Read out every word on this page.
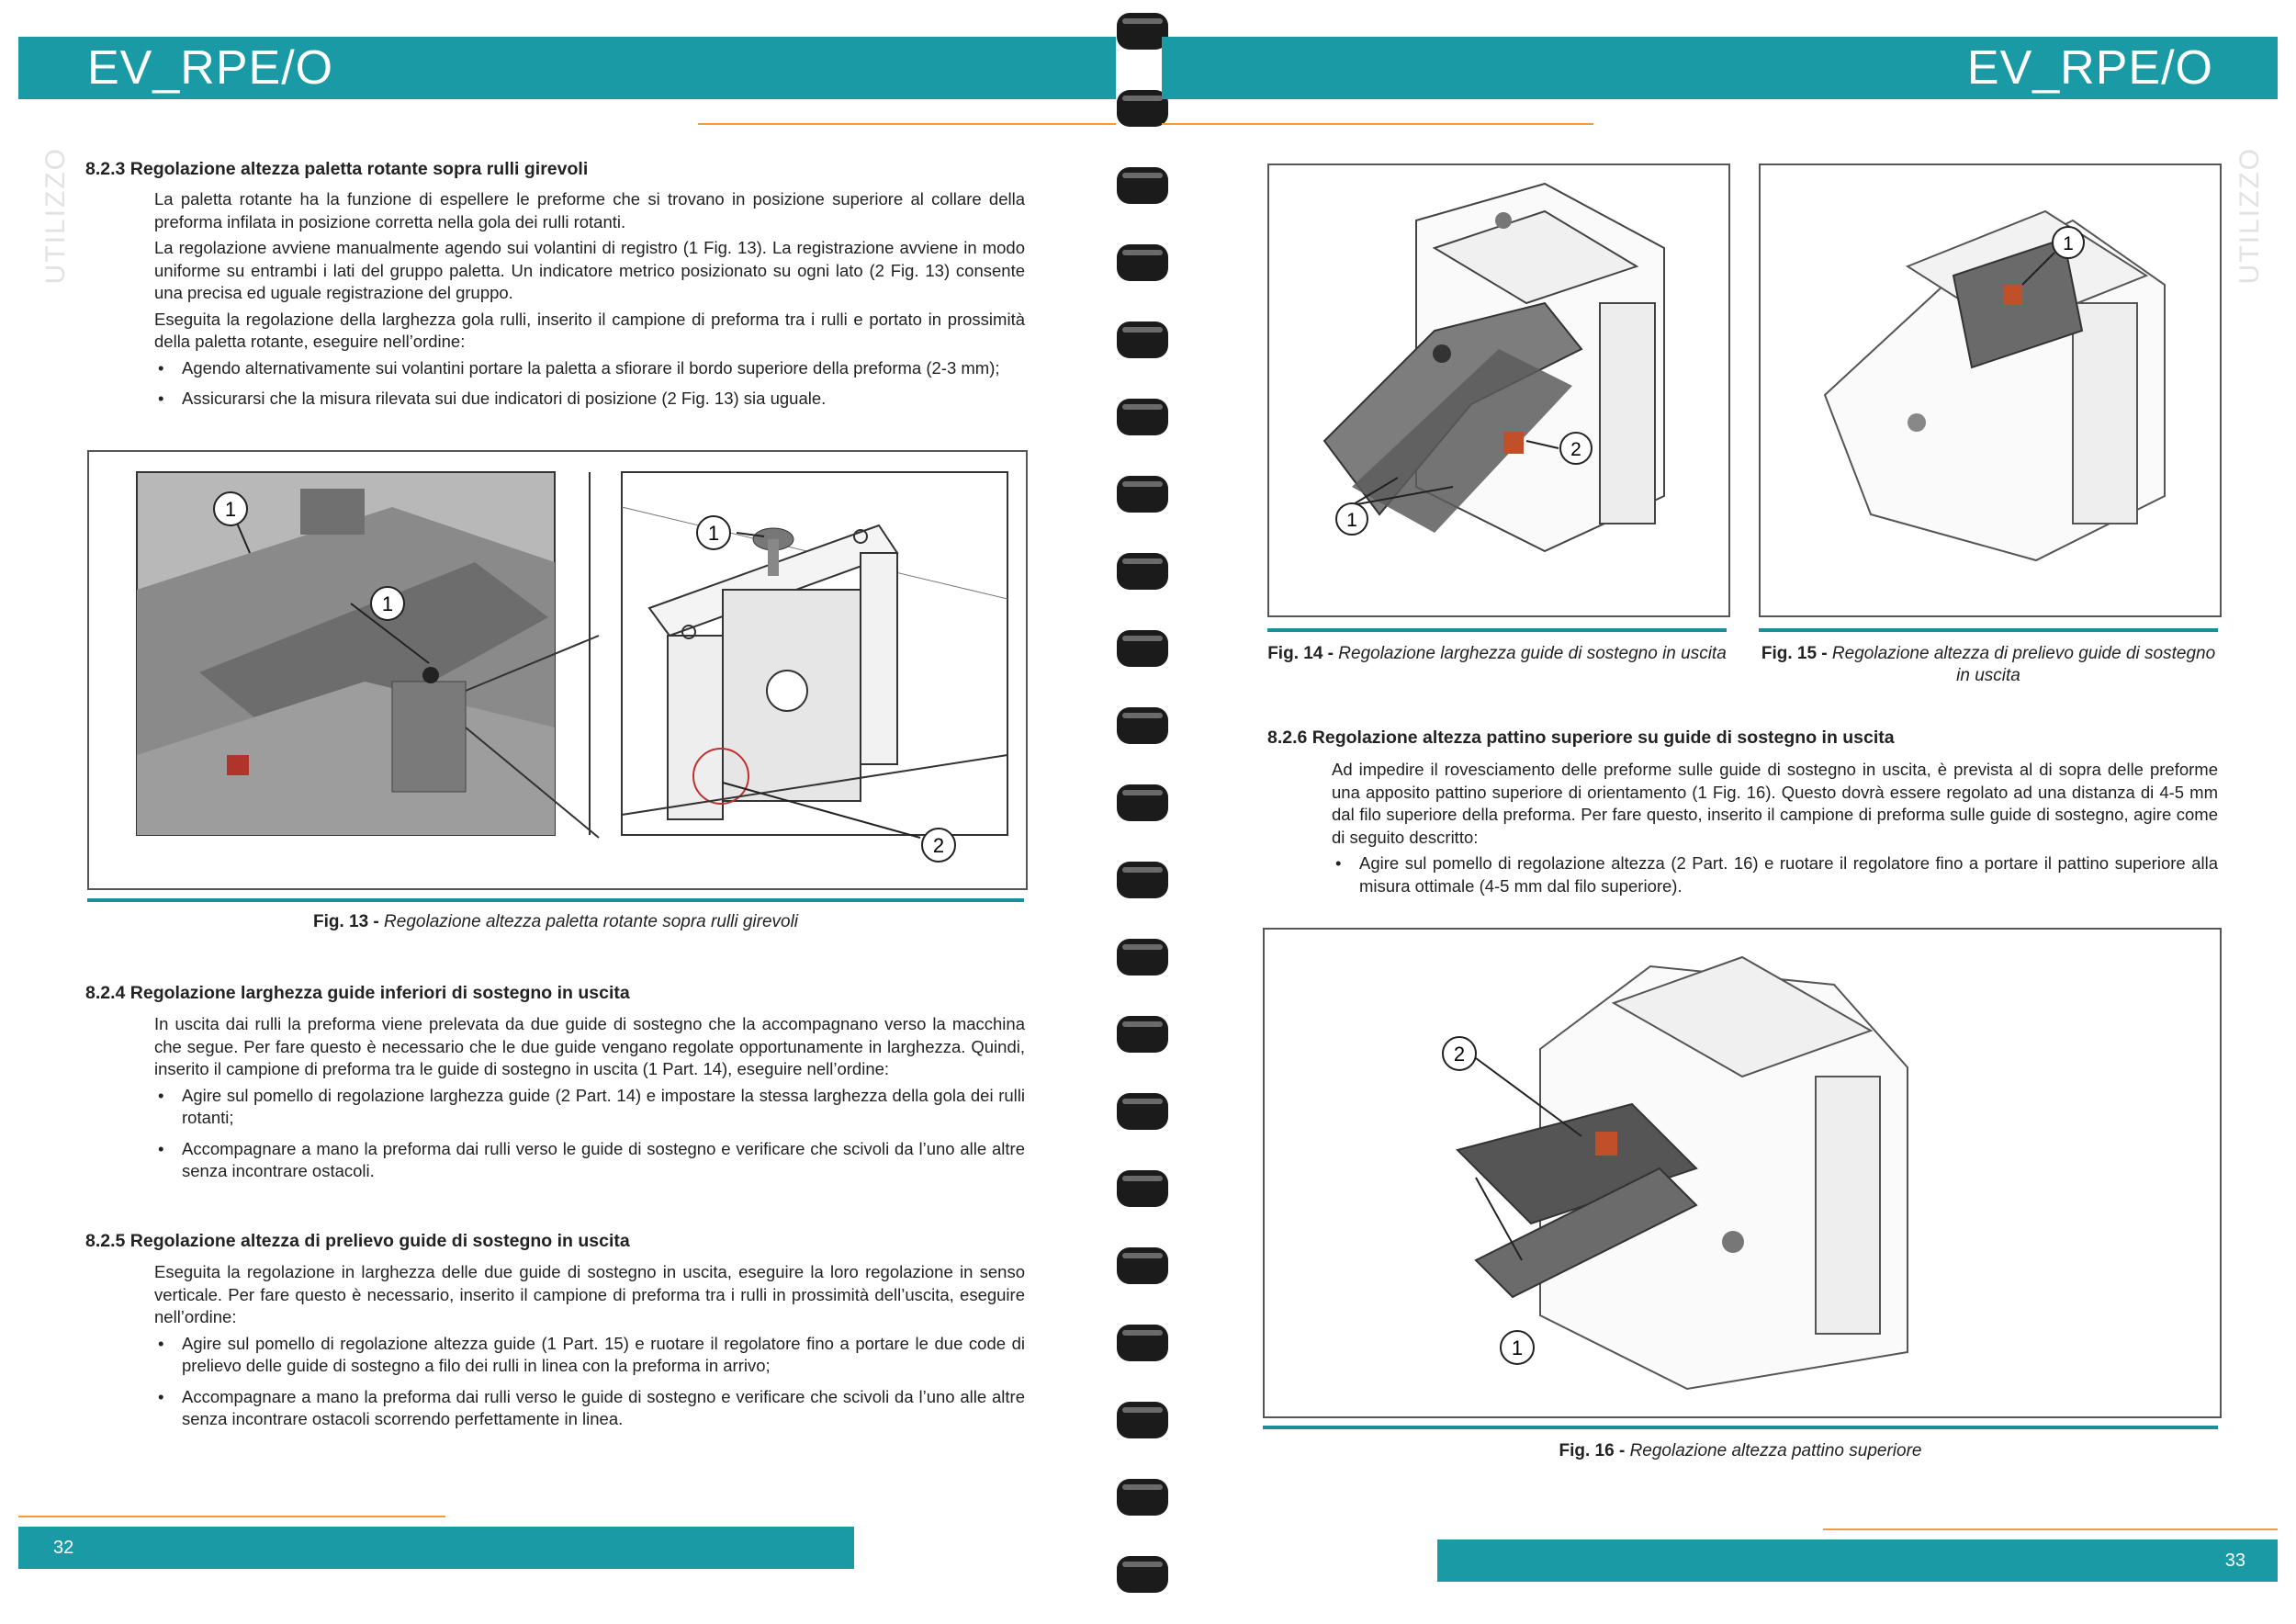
EV_RPE/O
UTILIZZO 8.2.3 Regolazione altezza paletta rotante sopra rulli girevoli

La paletta rotante ha la funzione di espellere le preforme che si trovano in posizione superiore al collare della preforma infilata in posizione corretta nella gola dei rulli rotanti.

La regolazione avviene manualmente agendo sui volantini di registro (1 Fig. 13). La registrazione avviene in modo uniforme su entrambi i lati del gruppo paletta. Un indicatore metrico posizionato su ogni lato (2 Fig. 13) consente una precisa ed uguale registrazione del gruppo.

Eseguita la regolazione della larghezza gola rulli, inserito il campione di preforma tra i rulli e portato in prossimità della paletta rotante, eseguire nell’ordine:

• Agendo alternativamente sui volantini portare la paletta a sfiorare il bordo superiore della preforma (2-3 mm);
• Assicurarsi che la misura rilevata sui due indicatori di posizione (2 Fig. 13) sia uguale.
1
1
1
2
Fig. 13 - Regolazione altezza paletta rotante sopra rulli girevoli
8.2.4 Regolazione larghezza guide inferiori di sostegno in uscita

In uscita dai rulli la preforma viene prelevata da due guide di sostegno che la accompagnano verso la macchina che segue. Per fare questo è necessario che le due guide vengano regolate opportunamente in larghezza. Quindi, inserito il campione di preforma tra le guide di sostegno in uscita (1 Part. 14), eseguire nell’ordine:

• Agire sul pomello di regolazione larghezza guide (2 Part. 14) e impostare la stessa larghezza della gola dei rulli rotanti;
• Accompagnare a mano la preforma dai rulli verso le guide di sostegno e verificare che scivoli da l’uno alle altre senza incontrare ostacoli.
8.2.5 Regolazione altezza di prelievo guide di sostegno in uscita

Eseguita la regolazione in larghezza delle due guide di sostegno in uscita, eseguire la loro regolazione in senso verticale. Per fare questo è necessario, inserito il campione di preforma tra i rulli in prossimità dell’uscita, eseguire nell’ordine:

• Agire sul pomello di regolazione altezza guide (1 Part. 15) e ruotare il regolatore fino a portare le due code di prelievo delle guide di sostegno a filo dei rulli in linea con la preforma in arrivo;
• Accompagnare a mano la preforma dai rulli verso le guide di sostegno e verificare che scivoli da l’uno alle altre senza incontrare ostacoli scorrendo perfettamente in linea.
32
EV_RPE/O
UTILIZZO
1
2
Fig. 14 - Regolazione larghezza guide di sostegno in uscita
1
Fig. 15 - Regolazione altezza di prelievo guide di sostegno in uscita
8.2.6 Regolazione altezza pattino superiore su guide di sostegno in uscita

Ad impedire il rovesciamento delle preforme sulle guide di sostegno in uscita, è prevista al di sopra delle preforme una apposito pattino superiore di orientamento (1 Fig. 16). Questo dovrà essere regolato ad una distanza di 4-5 mm dal filo superiore della preforma. Per fare questo, inserito il campione di preforma sulle guide di sostegno, agire come di seguito descritto:

• Agire sul pomello di regolazione altezza (2 Part. 16) e ruotare il regolatore fino a portare il pattino superiore alla misura ottimale (4-5 mm dal filo superiore).
2
1
Fig. 16 - Regolazione altezza pattino superiore
33
